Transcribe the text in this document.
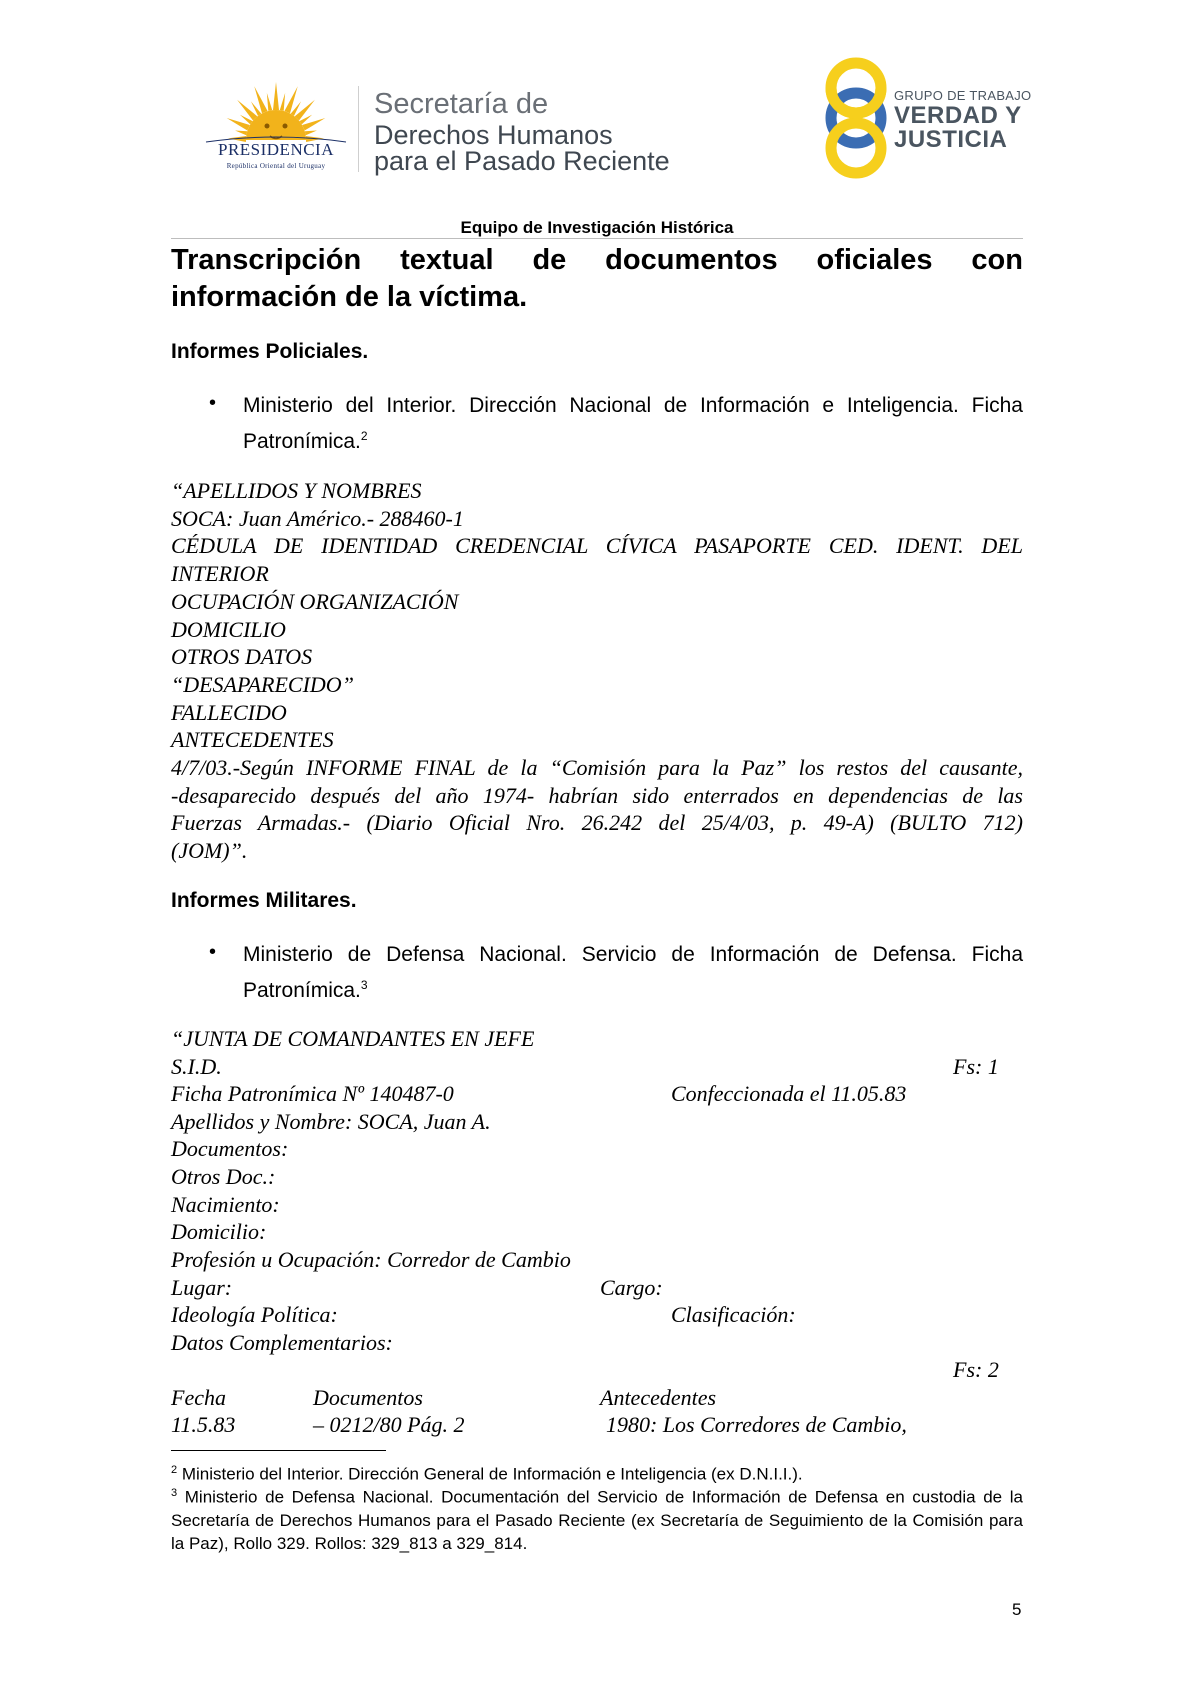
PRESIDENCIA
República Oriental del Uruguay
Secretaría de
Derechos Humanos
para el Pasado Reciente
GRUPO DE TRABAJO
VERDAD Y
JUSTICIA
Equipo de Investigación Histórica
Transcripción textual de documentos oficiales con información de la víctima.
Informes Policiales.
• Ministerio del Interior. Dirección Nacional de Información e Inteligencia. Ficha Patronímica.$^2$
“APELLIDOS Y NOMBRES
SOCA: Juan Américo.- 288460-1
CÉDULA DE IDENTIDAD CREDENCIAL CÍVICA PASAPORTE CED. IDENT. DEL
INTERIOR
OCUPACIÓN ORGANIZACIÓN
DOMICILIO
OTROS DATOS
“DESAPARECIDO”
FALLECIDO
ANTECEDENTES
4/7/03.-Según INFORME FINAL de la “Comisión para la Paz” los restos del causante,
-desaparecido después del año 1974- habrían sido enterrados en dependencias de las
Fuerzas Armadas.- (Diario Oficial Nro. 26.242 del 25/4/03, p. 49-A) (BULTO 712)
(JOM)”.
Informes Militares.
• Ministerio de Defensa Nacional. Servicio de Información de Defensa. Ficha Patronímica.$^3$
“JUNTA DE COMANDANTES EN JEFE
S.I.D.	Fs: 1
Ficha Patronímica Nº 140487-0	Confeccionada el 11.05.83
Apellidos y Nombre: SOCA, Juan A.
Documentos:
Otros Doc.:
Nacimiento:
Domicilio:
Profesión u Ocupación: Corredor de Cambio
Lugar:	Cargo:
Ideología Política:	Clasificación:
Datos Complementarios:
Fs: 2
Fecha	Documentos	Antecedentes
11.5.83	– 0212/80 Pág. 2	1980: Los Corredores de Cambio,
$^2$ Ministerio del Interior. Dirección General de Información e Inteligencia (ex D.N.I.I.).
$^3$ Ministerio de Defensa Nacional. Documentación del Servicio de Información de Defensa en custodia de la Secretaría de Derechos Humanos para el Pasado Reciente (ex Secretaría de Seguimiento de la Comisión para la Paz), Rollo 329. Rollos: 329_813 a 329_814.
5
